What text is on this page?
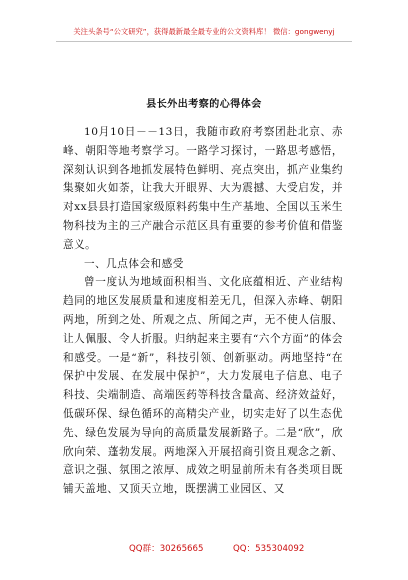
关注头条号“公文研究”，获得最新最全最专业的公文资料库！ 微信：gongwenyj
县长外出考察的心得体会

10月10日－－13日，我随市政府考察团赴北京、赤峰、朝阳等地考察学习。一路学习探讨，一路思考感悟，深刻认识到各地抓发展特色鲜明、亮点突出，抓产业集约集聚如火如荼，让我大开眼界、大为震撼、大受启发，并对xx县县打造国家级原料药集中生产基地、全国以玉米生物科技为主的三产融合示范区具有重要的参考价值和借鉴意义。

一、几点体会和感受

曾一度认为地域面积相当、文化底蕴相近、产业结构趋同的地区发展质量和速度相差无几，但深入赤峰、朝阳两地，所到之处、所观之点、所闻之声，无不使人信服、让人佩服、令人折服。归纳起来主要有“六个方面”的体会和感受。一是“新”，科技引领、创新驱动。两地坚持“在保护中发展、在发展中保护”，大力发展电子信息、电子科技、尖端制造、高端医药等科技含量高、经济效益好，低碳环保、绿色循环的高精尖产业，切实走好了以生态优先、绿色发展为导向的高质量发展新路子。二是“欣”，欣欣向荣、蓬勃发展。两地深入开展招商引资且观念之新、意识之强、氛围之浓厚、成效之明显前所未有各类项目既铺天盖地、又顶天立地，既摆满工业园区、又

QQ群：30265665	QQ：535304092
